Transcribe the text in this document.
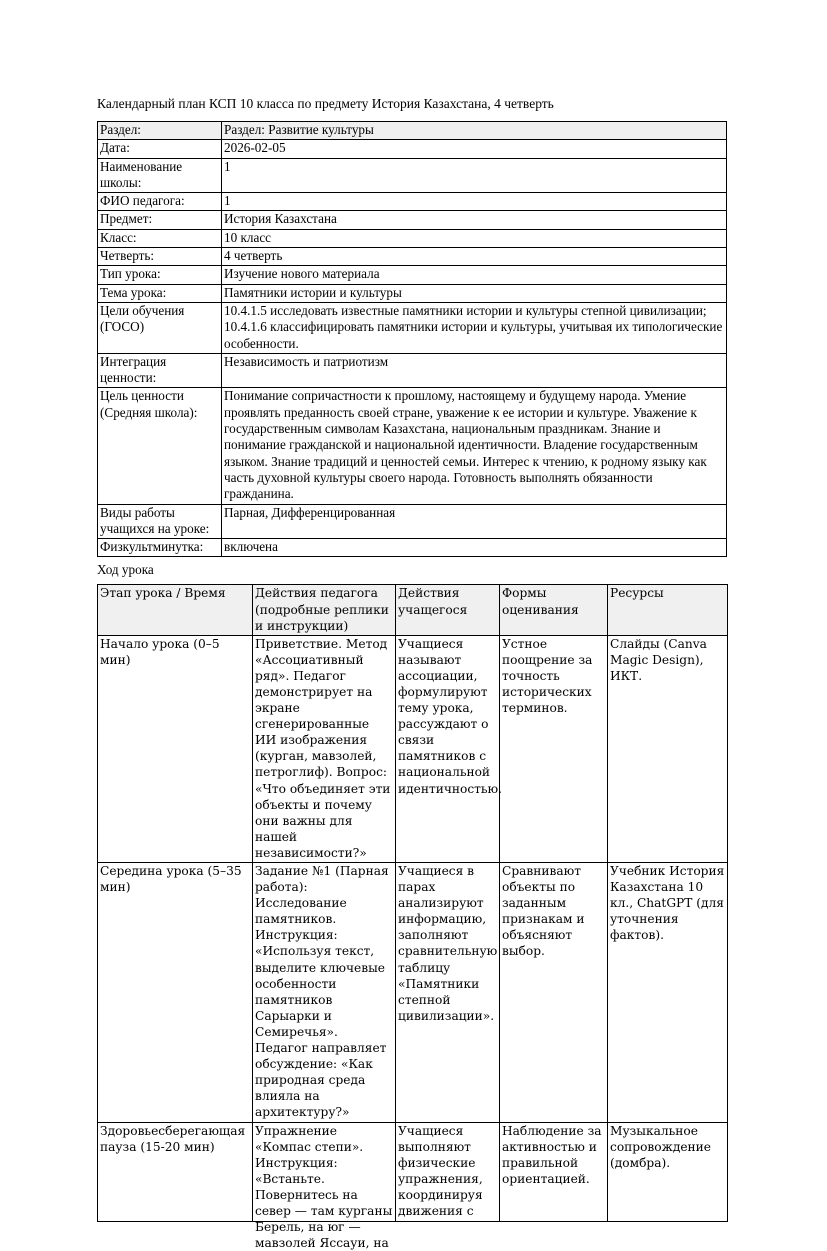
Календарный план КСП 10 класса по предмету История Казахстана, 4 четверть
Раздел:	Раздел: Развитие культуры
Дата:	2026-02-05
Наименование школы:	1
ФИО педагога:	1
Предмет:	История Казахстана
Класс:	10 класс
Четверть:	4 четверть
Тип урока:	Изучение нового материала
Тема урока:	Памятники истории и культуры
Цели обучения (ГОСО)	10.4.1.5 исследовать известные памятники истории и культуры степной цивилизации; 10.4.1.6 классифицировать памятники истории и культуры, учитывая их типологические особенности.
Интеграция ценности:	Независимость и патриотизм
Цель ценности (Средняя школа):	Понимание сопричастности к прошлому, настоящему и будущему народа. Умение проявлять преданность своей стране, уважение к ее истории и культуре. Уважение к государственным символам Казахстана, национальным праздникам. Знание и понимание гражданской и национальной идентичности. Владение государственным языком. Знание традиций и ценностей семьи. Интерес к чтению, к родному языку как часть духовной культуры своего народа. Готовность выполнять обязанности гражданина.
Виды работы учащихся на уроке:	Парная, Дифференцированная
Физкультминутка:	включена
Ход урока
Этап урока / Время	Действия педагога (подробные реплики и инструкции)	Действия учащегося	Формы оценивания	Ресурсы
Начало урока (0–5 мин)	Приветствие. Метод «Ассоциативный ряд». Педагог демонстрирует на экране сгенерированные ИИ изображения (курган, мавзолей, петроглиф). Вопрос: «Что объединяет эти объекты и почему они важны для нашей независимости?»	Учащиеся называют ассоциации, формулируют тему урока, рассуждают о связи памятников с национальной идентичностью.	Устное поощрение за точность исторических терминов.	Слайды (Canva Magic Design), ИКТ.
Середина урока (5–35 мин)	Задание №1 (Парная работа): Исследование памятников. Инструкция: «Используя текст, выделите ключевые особенности памятников Сарыарки и Семиречья». Педагог направляет обсуждение: «Как природная среда влияла на архитектуру?»	Учащиеся в парах анализируют информацию, заполняют сравнительную таблицу «Памятники степной цивилизации».	Сравнивают объекты по заданным признакам и объясняют выбор.	Учебник История Казахстана 10 кл., ChatGPT (для уточнения фактов).

Здоровьесберегающая пауза (15-20 мин)	Упражнение «Компас степи». Инструкция: «Встаньте. Повернитесь на север — там курганы Берель, на юг — мавзолей Яссауи, на	Учащиеся выполняют физические упражнения, координируя движения с	Наблюдение за активностью и правильной ориентацией.	Музыкальное сопровождение (домбра).
